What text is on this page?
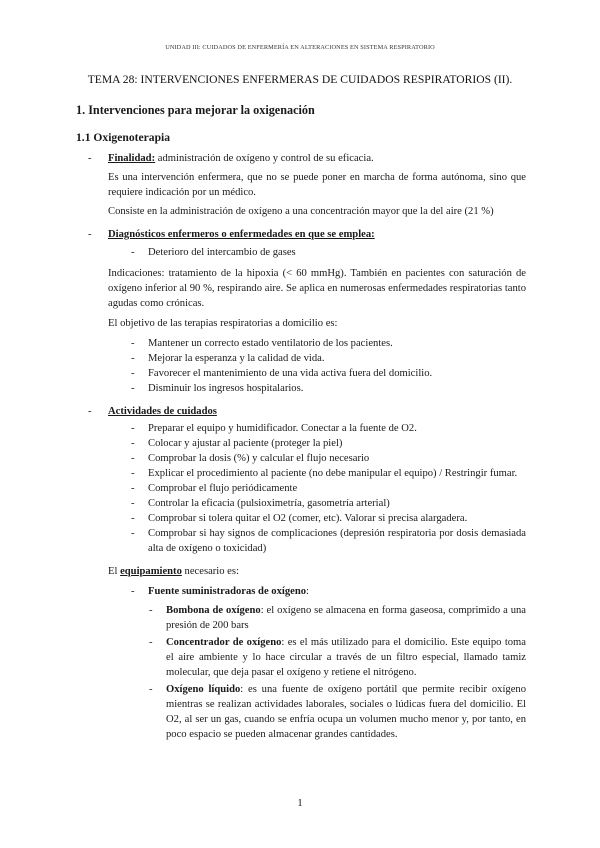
UNIDAD III: CUIDADOS DE ENFERMERÍA EN ALTERACIONES EN SISTEMA RESPIRATORIO
TEMA 28: INTERVENCIONES ENFERMERAS DE CUIDADOS RESPIRATORIOS (II).
1. Intervenciones para mejorar la oxigenación
1.1 Oxigenoterapia
- Finalidad: administración de oxígeno y control de su eficacia.

Es una intervención enfermera, que no se puede poner en marcha de forma autónoma, sino que requiere indicación por un médico.

Consiste en la administración de oxígeno a una concentración mayor que la del aire (21 %)

- Diagnósticos enfermeros o enfermedades en que se emplea:

- Deterioro del intercambio de gases

Indicaciones: tratamiento de la hipoxia (< 60 mmHg). También en pacientes con saturación de oxígeno inferior al 90 %, respirando aire. Se aplica en numerosas enfermedades respiratorias tanto agudas como crónicas.

El objetivo de las terapias respiratorias a domicilio es:

- Mantener un correcto estado ventilatorio de los pacientes.
- Mejorar la esperanza y la calidad de vida.
- Favorecer el mantenimiento de una vida activa fuera del domicilio.
- Disminuir los ingresos hospitalarios.
- Actividades de cuidados

- Preparar el equipo y humidificador. Conectar a la fuente de O2.
- Colocar y ajustar al paciente (proteger la piel)
- Comprobar la dosis (%) y calcular el flujo necesario
- Explicar el procedimiento al paciente (no debe manipular el equipo) / Restringir fumar.
- Comprobar el flujo periódicamente
- Controlar la eficacia (pulsioximetría, gasometría arterial)
- Comprobar si tolera quitar el O2 (comer, etc). Valorar si precisa alargadera.
- Comprobar si hay signos de complicaciones (depresión respiratoria por dosis demasiada alta de oxígeno o toxicidad)

El equipamiento necesario es:

- Fuente suministradoras de oxígeno:
- Bombona de oxígeno: el oxígeno se almacena en forma gaseosa, comprimido a una presión de 200 bars
- Concentrador de oxígeno: es el más utilizado para el domicilio. Este equipo toma el aire ambiente y lo hace circular a través de un filtro especial, llamado tamiz molecular, que deja pasar el oxígeno y retiene el nitrógeno.
- Oxígeno líquido: es una fuente de oxígeno portátil que permite recibir oxígeno mientras se realizan actividades laborales, sociales o lúdicas fuera del domicilio. El O2, al ser un gas, cuando se enfría ocupa un volumen mucho menor y, por tanto, en poco espacio se pueden almacenar grandes cantidades.
1
